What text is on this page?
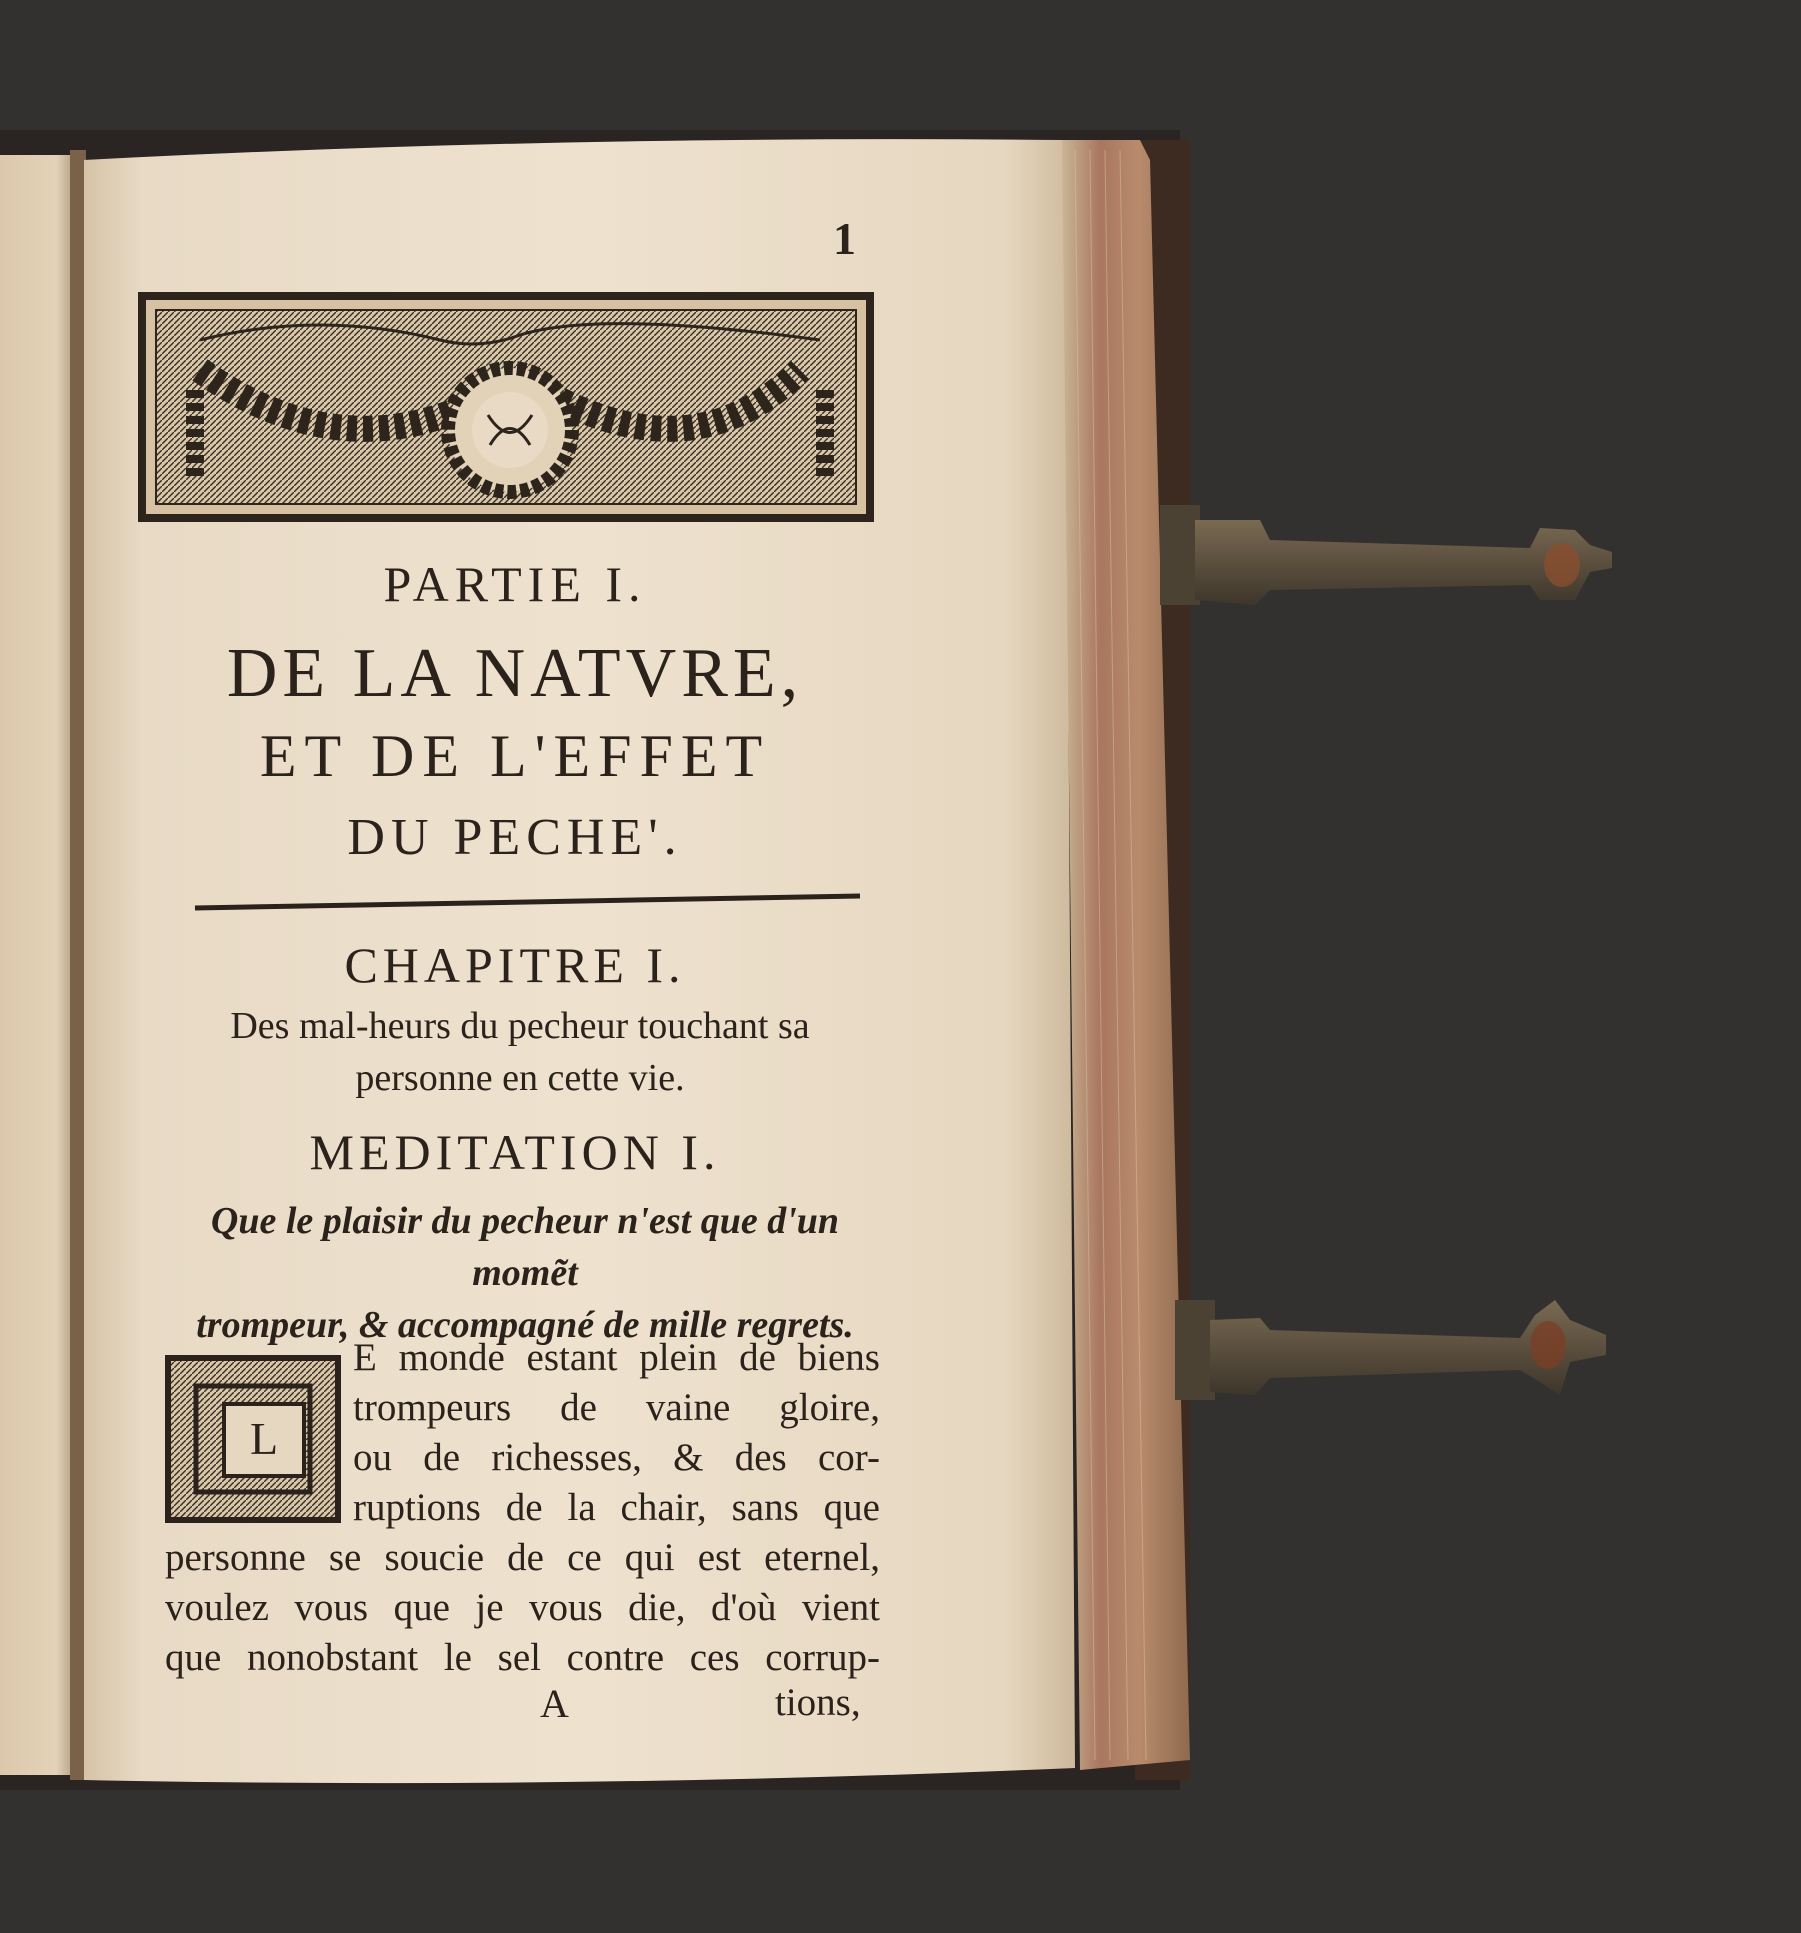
1
PARTIE I.
DE LA NATVRE,
ET DE L'EFFET
DU PECHE'.
CHAPITRE I.
Des mal-heurs du pecheur touchant sa
personne en cette vie.
MEDITATION I.
Que le plaisir du pecheur n'est que d'un momẽt
trompeur, & accompagné de mille regrets.
L
E monde estant plein de biens
trompeurs de vaine gloire,
ou de richesses, & des cor-
ruptions de la chair, sans que
personne se soucie de ce qui est eternel,
voulez vous que je vous die, d'où vient
que nonobstant le sel contre ces corrup-
A	tions,
